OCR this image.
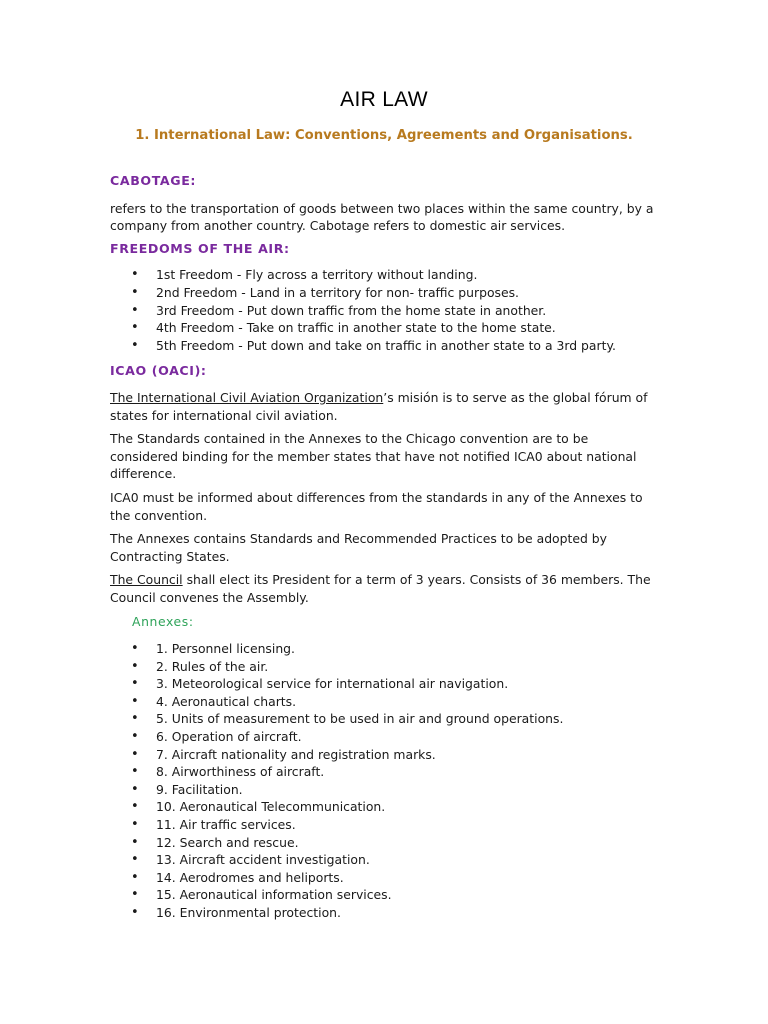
AIR LAW
1. International Law: Conventions, Agreements and Organisations.

CABOTAGE:

refers to the transportation of goods between two places within the same country, by a company from another country. Cabotage refers to domestic air services.

FREEDOMS OF THE AIR:

• 1st Freedom - Fly across a territory without landing.
• 2nd Freedom - Land in a territory for non- traffic purposes.
• 3rd Freedom - Put down traffic from the home state in another.
• 4th Freedom - Take on traffic in another state to the home state.
• 5th Freedom - Put down and take on traffic in another state to a 3rd party.

ICAO (OACI):

The International Civil Aviation Organization’s misión is to serve as the global fórum of states for international civil aviation.

The Standards contained in the Annexes to the Chicago convention are to be considered binding for the member states that have not notified ICA0 about national difference.

ICA0 must be informed about differences from the standards in any of the Annexes to the convention.

The Annexes contains Standards and Recommended Practices to be adopted by Contracting States.

The Council shall elect its President for a term of 3 years. Consists of 36 members. The Council convenes the Assembly.

Annexes:

• 1. Personnel licensing.
• 2. Rules of the air.
• 3. Meteorological service for international air navigation.
• 4. Aeronautical charts.
• 5. Units of measurement to be used in air and ground operations.
• 6. Operation of aircraft.
• 7. Aircraft nationality and registration marks.
• 8. Airworthiness of aircraft.
• 9. Facilitation.
• 10. Aeronautical Telecommunication.
• 11. Air traffic services.
• 12. Search and rescue.
• 13. Aircraft accident investigation.
• 14. Aerodromes and heliports.
• 15. Aeronautical information services.
• 16. Environmental protection.
